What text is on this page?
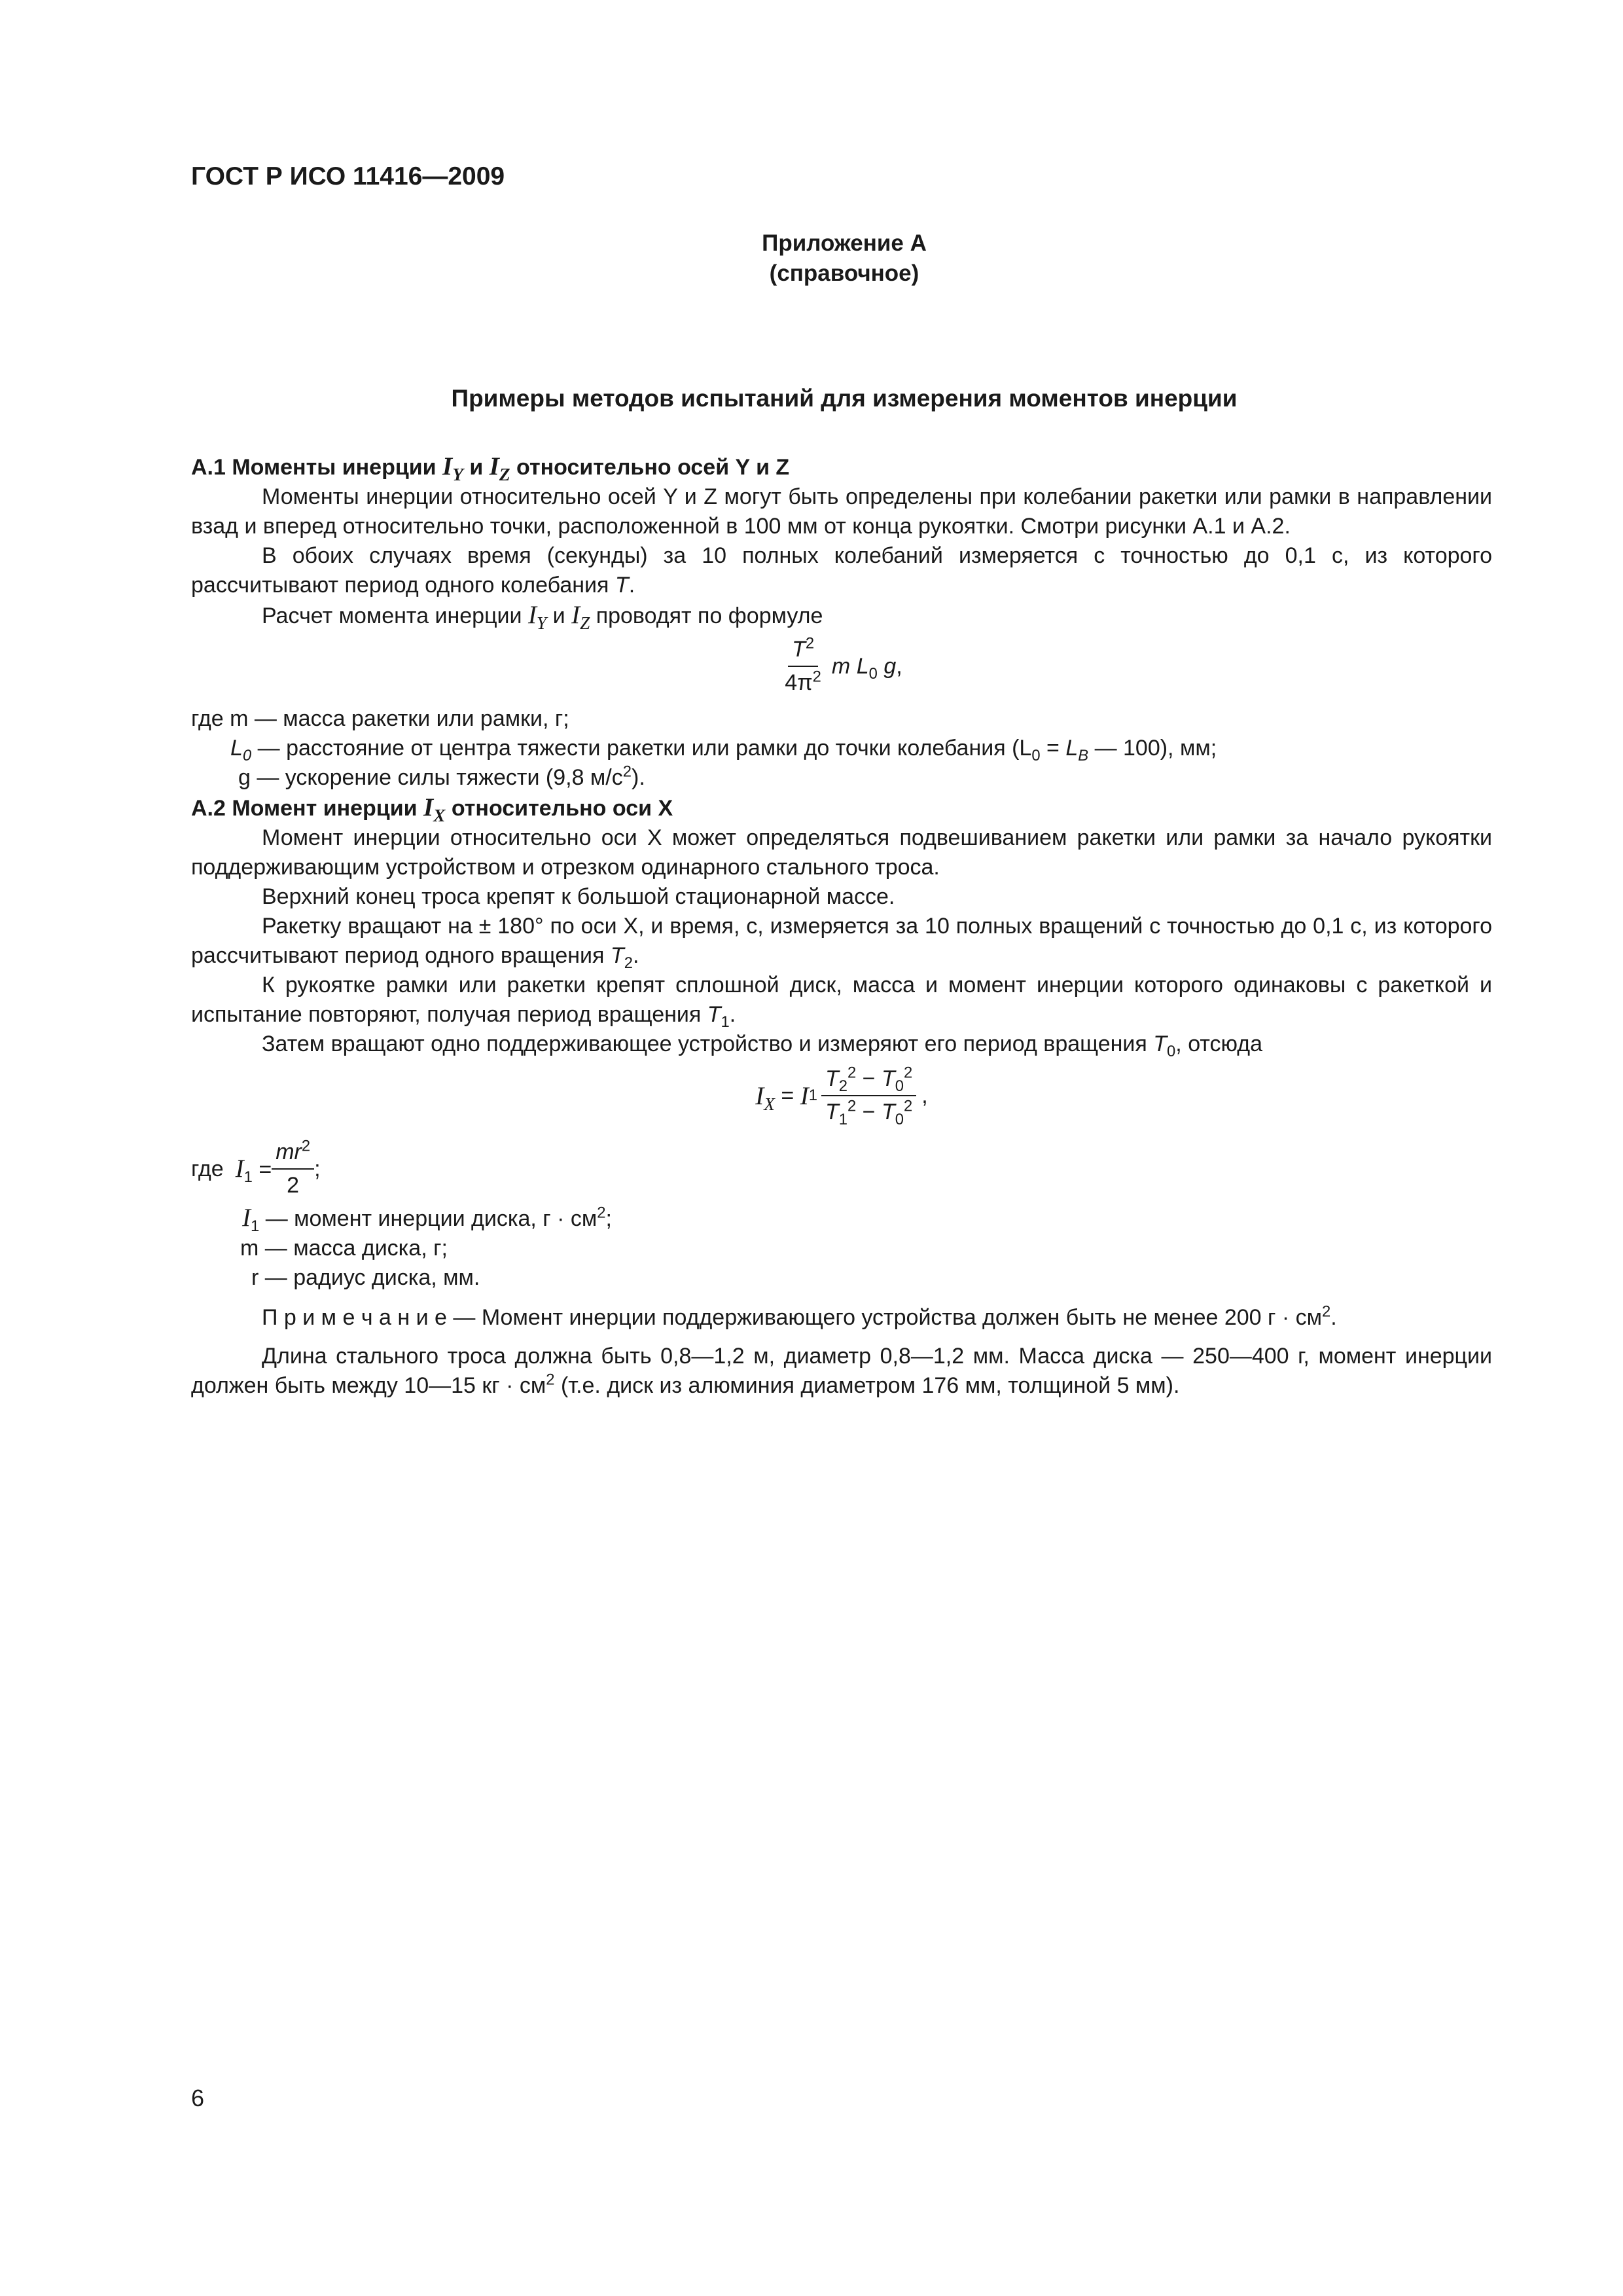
ГОСТ Р ИСО 11416—2009
Приложение А
(справочное)
Примеры методов испытаний для измерения моментов инерции

А.1 Моменты инерции $I_Y$ и $I_Z$ относительно осей Y и Z

Моменты инерции относительно осей Y и Z могут быть определены при колебании ракетки или рамки в направлении взад и вперед относительно точки, расположенной в 100 мм от конца рукоятки. Смотри рисунки А.1 и А.2.

В обоих случаях время (секунды) за 10 полных колебаний измеряется с точностью до 0,1 с, из которого рассчитывают период одного колебания T.

Расчет момента инерции $I_Y$ и $I_Z$ проводят по формуле

$\frac{T^2}{4\pi^2}$ m $L_0$ g,
где m — масса ракетки или рамки, г;
$L_0$ — расстояние от центра тяжести ракетки или рамки до точки колебания ($L_0 = L_B$ — 100), мм;
g — ускорение силы тяжести (9,8 $м/с^2$).

А.2 Момент инерции $I_X$ относительно оси X

Момент инерции относительно оси X может определяться подвешиванием ракетки или рамки за начало рукоятки поддерживающим устройством и отрезком одинарного стального троса.

Верхний конец троса крепят к большой стационарной массе.

Ракетку вращают на ± 180° по оси X, и время, с, измеряется за 10 полных вращений с точностью до 0,1 с, из которого рассчитывают период одного вращения $T_2$.

К рукоятке рамки или ракетки крепят сплошной диск, масса и момент инерции которого одинаковы с ракеткой и испытание повторяют, получая период вращения $T_1$.

Затем вращают одно поддерживающее устройство и измеряют его период вращения $T_0$, отсюда

$I_X = I$ $1 \frac{T_2^2 - T_0^2}{T_1^2 - T_0^2}$ ,
где $I_1 = \frac{mr^2}{2}$ ;
$I_1$ — момент инерции диска, $г \cdot см^2$;
m — масса диска, г;
r — радиус диска, мм.

П р и м е ч а н и е — Момент инерции поддерживающего устройства должен быть не менее 200 $г \cdot см^2$.

Длина стального троса должна быть 0,8—1,2 м, диаметр 0,8—1,2 мм. Масса диска — 250—400 г, момент инерции должен быть между 10—15 кг · $см^2$ (т.е. диск из алюминия диаметром 176 мм, толщиной 5 мм).

6
